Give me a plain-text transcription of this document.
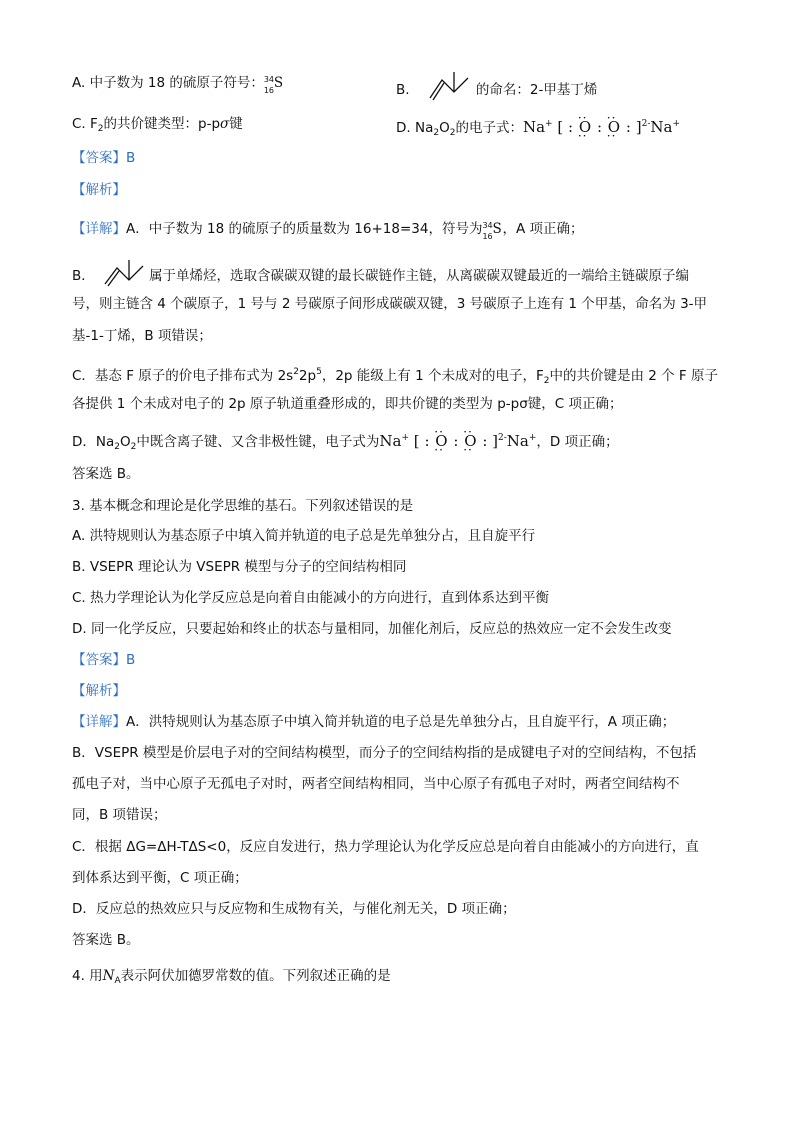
A. 中子数为 18 的硫原子符号： 34
16 S	B.	的命名：2-甲基丁烯
C. $F_2$的共价键类型：p-pσ键	D. $Na_2O_2$的电子式：Na+ [ : ·· O ·· : ·· O ·· : ]$^{2-}$Na+
【答案】B
【解析】
【详解】A．中子数为 18 的硫原子的质量数为 16+18=34，符号为 34
16 S ，A 项正确；
B．	属于单烯烃，选取含碳碳双键的最长碳链作主链，从离碳碳双键最近的一端给主链碳原子编
号，则主链含 4 个碳原子，1 号与 2 号碳原子间形成碳碳双键，3 号碳原子上连有 1 个甲基，命名为 3-甲
基-1-丁烯，B 项错误；
C．基态 F 原子的价电子排布式为 $2s^22p^5$，2p 能级上有 1 个未成对的电子，$F_2$中的共价键是由 2 个 F 原子
各提供 1 个未成对电子的 2p 原子轨道重叠形成的，即共价键的类型为 p-pσ键，C 项正确；
D．$Na_2O_2$中既含离子键、又含非极性键，电子式为Na+ [ : ·· O ·· : ·· O ·· : ]$^{2-}$Na+，D 项正确；
答案选 B。
3. 基本概念和理论是化学思维的基石。下列叙述错误的是
A. 洪特规则认为基态原子中填入简并轨道的电子总是先单独分占，且自旋平行
B. VSEPR 理论认为 VSEPR 模型与分子的空间结构相同
C. 热力学理论认为化学反应总是向着自由能减小的方向进行，直到体系达到平衡
D. 同一化学反应，只要起始和终止的状态与量相同，加催化剂后，反应总的热效应一定不会发生改变
【答案】B
【解析】
【详解】A．洪特规则认为基态原子中填入简并轨道的电子总是先单独分占，且自旋平行，A 项正确；
B．VSEPR 模型是价层电子对的空间结构模型，而分子的空间结构指的是成键电子对的空间结构，不包括
孤电子对，当中心原子无孤电子对时，两者空间结构相同，当中心原子有孤电子对时，两者空间结构不
同，B 项错误；
C．根据 ΔG=ΔH-TΔS<0，反应自发进行，热力学理论认为化学反应总是向着自由能减小的方向进行，直
到体系达到平衡，C 项正确；
D．反应总的热效应只与反应物和生成物有关，与催化剂无关，D 项正确；
答案选 B。
4. 用$N_A$表示阿伏加德罗常数的值。下列叙述正确的是
